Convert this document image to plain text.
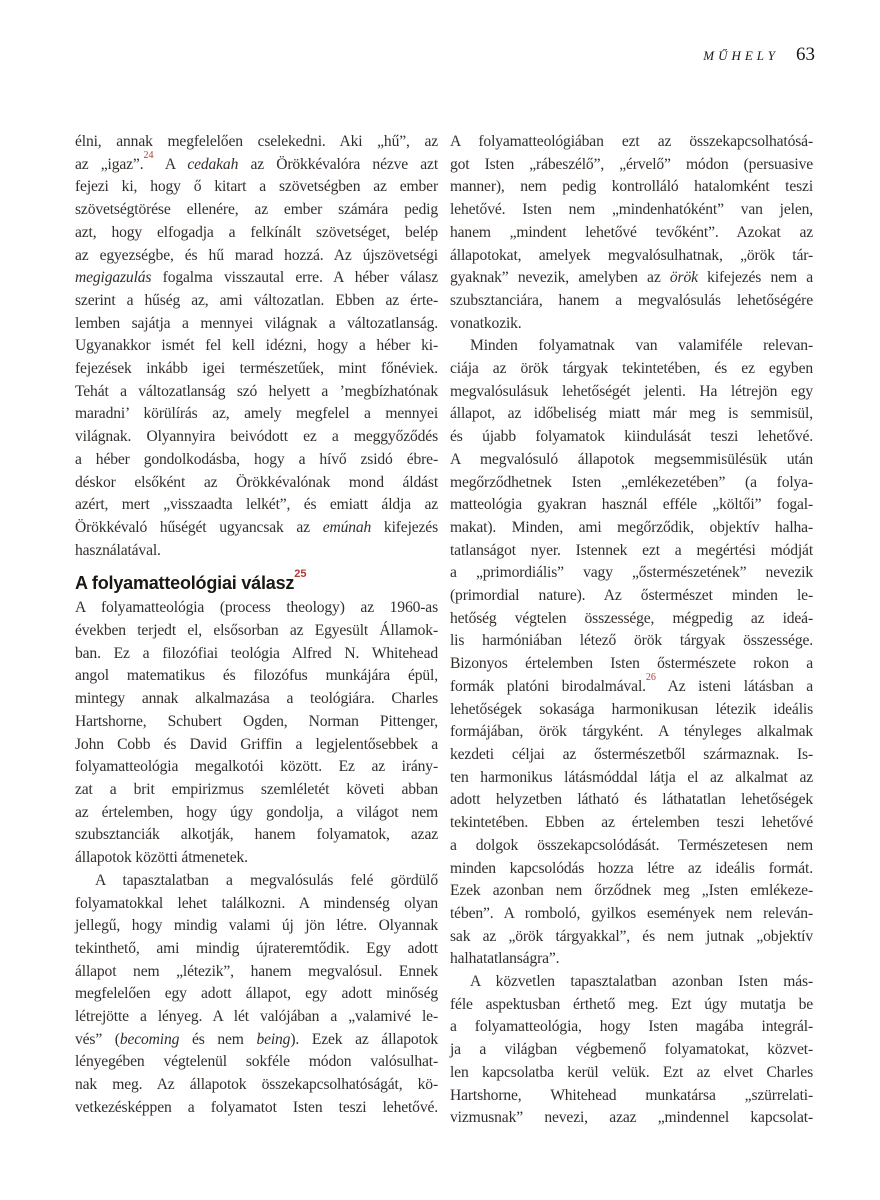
MŰHELY 63
élni, annak megfelelően cselekedni. Aki „hű”, az
az „igaz”.$^{24}$ A cedakah az Örökkévalóra nézve azt
fejezi ki, hogy ő kitart a szövetségben az ember
szövetségtörése ellenére, az ember számára pedig
azt, hogy elfogadja a felkínált szövetséget, belép
az egyezségbe, és hű marad hozzá. Az újszövetségi
megigazulás fogalma visszautal erre. A héber válasz
szerint a hűség az, ami változatlan. Ebben az érte-
lemben sajátja a mennyei világnak a változatlanság.
Ugyanakkor ismét fel kell idézni, hogy a héber ki-
fejezések inkább igei természetűek, mint főnéviek.
Tehát a változatlanság szó helyett a ’megbízhatónak
maradni’ körülírás az, amely megfelel a mennyei
világnak. Olyannyira beivódott ez a meggyőződés
a héber gondolkodásba, hogy a hívő zsidó ébre-
déskor elsőként az Örökkévalónak mond áldást
azért, mert „visszaadta lelkét”, és emiatt áldja az
Örökkévaló hűségét ugyancsak az emúnah kifejezés
használatával.
A folyamatteológiai válasz$^{25}$
A folyamatteológia (process theology) az 1960-as
években terjedt el, elsősorban az Egyesült Államok-
ban. Ez a filozófiai teológia Alfred N. Whitehead
angol matematikus és filozófus munkájára épül,
mintegy annak alkalmazása a teológiára. Charles
Hartshorne, Schubert Ogden, Norman Pittenger,
John Cobb és David Griffin a legjelentősebbek a
folyamatteológia megalkotói között. Ez az irány-
zat a brit empirizmus szemléletét követi abban
az értelemben, hogy úgy gondolja, a világot nem
szubsztanciák alkotják, hanem folyamatok, azaz
állapotok közötti átmenetek.
A tapasztalatban a megvalósulás felé gördülő
folyamatokkal lehet találkozni. A mindenség olyan
jellegű, hogy mindig valami új jön létre. Olyannak
tekinthető, ami mindig újrateremtődik. Egy adott
állapot nem „létezik”, hanem megvalósul. Ennek
megfelelően egy adott állapot, egy adott minőség
létrejötte a lényeg. A lét valójában a „valamivé le-
vés” (becoming és nem being). Ezek az állapotok
lényegében végtelenül sokféle módon valósulhat-
nak meg. Az állapotok összekapcsolhatóságát, kö-
vetkezésképpen a folyamatot Isten teszi lehetővé.
A folyamatteológiában ezt az összekapcsolhatósá-
got Isten „rábeszélő”, „érvelő” módon (persuasive
manner), nem pedig kontrolláló hatalomként teszi
lehetővé. Isten nem „mindenhatóként” van jelen,
hanem „mindent lehetővé tevőként”. Azokat az
állapotokat, amelyek megvalósulhatnak, „örök tár-
gyaknak” nevezik, amelyben az örök kifejezés nem a
szubsztanciára, hanem a megvalósulás lehetőségére
vonatkozik.
Minden folyamatnak van valamiféle relevan-
ciája az örök tárgyak tekintetében, és ez egyben
megvalósulásuk lehetőségét jelenti. Ha létrejön egy
állapot, az időbeliség miatt már meg is semmisül,
és újabb folyamatok kiindulását teszi lehetővé.
A megvalósuló állapotok megsemmisülésük után
megőrződhetnek Isten „emlékezetében” (a folya-
matteológia gyakran használ efféle „költői” fogal-
makat). Minden, ami megőrződik, objektív halha-
tatlanságot nyer. Istennek ezt a megértési módját
a „primordiális” vagy „őstermészetének” nevezik
(primordial nature). Az őstermészet minden le-
hetőség végtelen összessége, mégpedig az ideá-
lis harmóniában létező örök tárgyak összessége.
Bizonyos értelemben Isten őstermészete rokon a
formák platóni birodalmával.$^{26}$ Az isteni látásban a
lehetőségek sokasága harmonikusan létezik ideális
formájában, örök tárgyként. A tényleges alkalmak
kezdeti céljai az őstermészetből származnak. Is-
ten harmonikus látásmóddal látja el az alkalmat az
adott helyzetben látható és láthatatlan lehetőségek
tekintetében. Ebben az értelemben teszi lehetővé
a dolgok összekapcsolódását. Természetesen nem
minden kapcsolódás hozza létre az ideális formát.
Ezek azonban nem őrződnek meg „Isten emlékeze-
tében”. A romboló, gyilkos események nem releván-
sak az „örök tárgyakkal”, és nem jutnak „objektív
halhatatlanságra”.
A közvetlen tapasztalatban azonban Isten más-
féle aspektusban érthető meg. Ezt úgy mutatja be
a folyamatteológia, hogy Isten magába integrál-
ja a világban végbemenő folyamatokat, közvet-
len kapcsolatba kerül velük. Ezt az elvet Charles
Hartshorne, Whitehead munkatársa „szürrelati-
vizmusnak” nevezi, azaz „mindennel kapcsolat-
